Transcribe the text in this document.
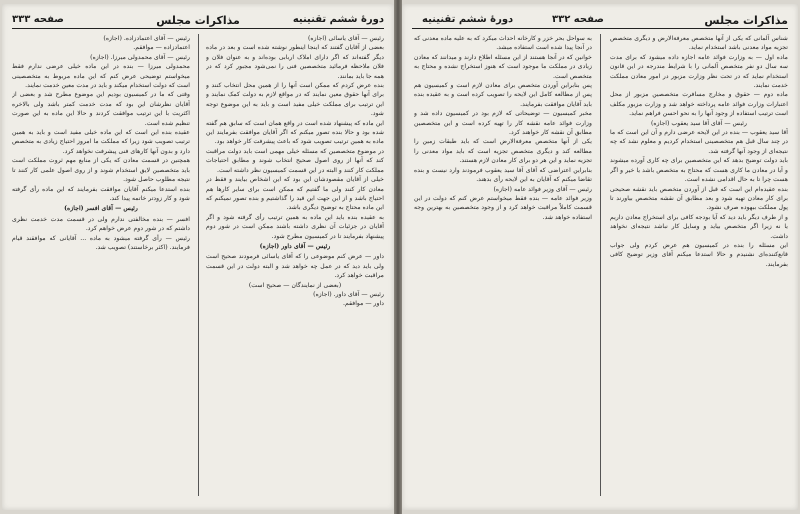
صفحه ۳۳۳	مذاکرات مجلس	دورهٔ ششم تقنینیه

رئیس — آقای یاسائی (اجازه)

بعضی از آقایان گفتند که اینجا اینطور نوشته شده است و بعد در ماده دیگر گفته‌اند که اگر دارای املاک اربابی بوده‌اند و به عنوان فلان و فلان ملاحظه فرمائید متخصصین فنی را نمی‌شود مجبور کرد که در همه جا باید بمانند.

بنده عرض کردم که ممکن است آنها را از همین محل انتخاب کنند و برای آنها حقوق معین نمایند که در مواقع لازم به دولت کمک نمایند و این ترتیب برای مملکت خیلی مفید است و باید به این موضوع توجه شود.

این ماده که پیشنهاد شده است در واقع همان است که سابق هم گفته شده بود و حالا بنده تصور میکنم که اگر آقایان موافقت بفرمایند این ماده به همین ترتیب تصویب شود که باعث پیشرفت کار خواهد بود.

در موضوع متخصصین که مسئله خیلی مهمی است باید دولت مراقبت کند که آنها از روی اصول صحیح انتخاب شوند و مطابق احتیاجات مملکت کار کنند و البته در این قسمت کمیسیون نظر داشته است.

خیلی از آقایان مقصودشان این بود که این اشخاص بیایند و فقط در معادن کار کنند ولی ما گفتیم که ممکن است برای سایر کارها هم احتیاج باشد و از این جهت این قید را گذاشتیم و بنده تصور نمیکنم که این ماده محتاج به توضیح دیگری باشد.

به عقیده بنده باید این ماده به همین ترتیب رأی گرفته شود و اگر آقایان در جزئیات آن نظری داشته باشند ممکن است در شور دوم پیشنهاد بفرمایند تا در کمیسیون مطرح شود.

رئیس — آقای داور (اجازه)

داور — عرض کنم موضوعی را که آقای یاسائی فرمودند صحیح است ولی باید دید که در عمل چه خواهد شد و البته دولت در این قسمت مراقبت خواهد کرد.

(بعضی از نمایندگان — صحیح است)

رئیس — آقای داور. (اجازه)

داور — موافقم.

رئیس — آقای اعتمادزاده. (اجازه)

اعتمادزاده — موافقم.

رئیس — آقای محمدولی میرزا. (اجازه)

محمدولی میرزا — بنده در این ماده خیلی عرضی ندارم فقط میخواستم توضیحی عرض کنم که این ماده مربوط به متخصصینی است که دولت استخدام میکند و باید در مدت معین خدمت نمایند.

وقتی که ما در کمیسیون بودیم این موضوع مطرح شد و بعضی از آقایان نظرشان این بود که مدت خدمت کمتر باشد ولی بالاخره اکثریت با این ترتیب موافقت کردند و حالا این ماده به این صورت تنظیم شده است.

عقیده بنده این است که این ماده خیلی مفید است و باید به همین ترتیب تصویب شود زیرا که مملکت ما امروز احتیاج زیادی به متخصص دارد و بدون آنها کارهای فنی پیشرفت نخواهد کرد.

همچنین در قسمت معادن که یکی از منابع مهم ثروت مملکت است باید متخصصین لایق استخدام شوند و از روی اصول علمی کار کنند تا نتیجه مطلوب حاصل شود.

بنده استدعا میکنم آقایان موافقت بفرمایند که این ماده رأی گرفته شود و کار زودتر خاتمه پیدا کند.

رئیس — آقای افسر (اجازه)

افسر — بنده مخالفتی ندارم ولی در قسمت مدت خدمت نظری داشتم که در شور دوم عرض خواهم کرد.

رئیس — رأی گرفته میشود به ماده ... آقایانی که موافقند قیام فرمایند. (اکثر برخاستند) تصویب شد.

دورهٔ ششم تقنینیه	صفحه ۳۳۲	مذاکرات مجلس

شناس آلمانی که یکی از آنها متخصص معرفة‌الارض و دیگری متخصص تجزیه مواد معدنی باشد استخدام نماید.

ماده اول — به وزارت فوائد عامه اجازه داده میشود که برای مدت سه سال دو نفر متخصص آلمانی را با شرایط مندرجه در این قانون استخدام نماید که در تحت نظر وزارت مزبور در امور معادن مملکت خدمت نمایند.

ماده دوم — حقوق و مخارج مسافرت متخصصین مزبور از محل اعتبارات وزارت فوائد عامه پرداخته خواهد شد و وزارت مزبور مکلف است ترتیب استفاده از وجود آنها را به نحو احسن فراهم نماید.

رئیس — آقای آقا سید یعقوب (اجازه)

آقا سید یعقوب — بنده در این لایحه عرضی دارم و آن این است که ما در چند سال قبل هم متخصصینی استخدام کردیم و معلوم نشد که چه نتیجه‌ای از وجود آنها گرفته شد.

باید دولت توضیح بدهد که این متخصصین برای چه کاری آورده میشوند و آیا در معادن ما کاری هست که محتاج به متخصص باشد یا خیر و اگر هست چرا تا به حال اقدامی نشده است.

بنده عقیده‌ام این است که قبل از آوردن متخصص باید نقشه صحیحی برای کار معادن تهیه شود و بعد مطابق آن نقشه متخصص بیاورند تا پول مملکت بیهوده صرف نشود.

و از طرف دیگر باید دید که آیا بودجه کافی برای استخراج معادن داریم یا نه زیرا اگر متخصص بیاید و وسایل کار نباشد نتیجه‌ای نخواهد داشت.

این مسئله را بنده در کمیسیون هم عرض کردم ولی جواب قانع‌کننده‌ای نشنیدم و حالا استدعا میکنم آقای وزیر توضیح کافی بفرمایند.

به سواحل بحر خزر و کارخانه احداث میکرد که به علیه ماده معدنی که در آنجا پیدا شده است استفاده میشد.

خوانین که در آنجا هستند از این مسئله اطلاع دارند و میدانند که معادن زیادی در مملکت ما موجود است که هنوز استخراج نشده و محتاج به متخصص است.

پس بنابراین آوردن متخصص برای معادن لازم است و کمیسیون هم پس از مطالعه کامل این لایحه را تصویب کرده است و به عقیده بنده باید آقایان موافقت بفرمایند.

مخبر کمیسیون — توضیحاتی که لازم بود در کمیسیون داده شد و وزارت فوائد عامه نقشه کار را تهیه کرده است و این متخصصین مطابق آن نقشه کار خواهند کرد.

یکی از آنها متخصص معرفة‌الارض است که باید طبقات زمین را مطالعه کند و دیگری متخصص تجزیه است که باید مواد معدنی را تجزیه نماید و این هر دو برای کار معادن لازم هستند.

بنابراین اعتراضی که آقای آقا سید یعقوب فرمودند وارد نیست و بنده تقاضا میکنم که آقایان به این لایحه رأی بدهند.

رئیس — آقای وزیر فوائد عامه (اجازه)

وزیر فوائد عامه — بنده فقط میخواستم عرض کنم که دولت در این قسمت کاملاً مراقبت خواهد کرد و از وجود متخصصین به بهترین وجه استفاده خواهد شد.
